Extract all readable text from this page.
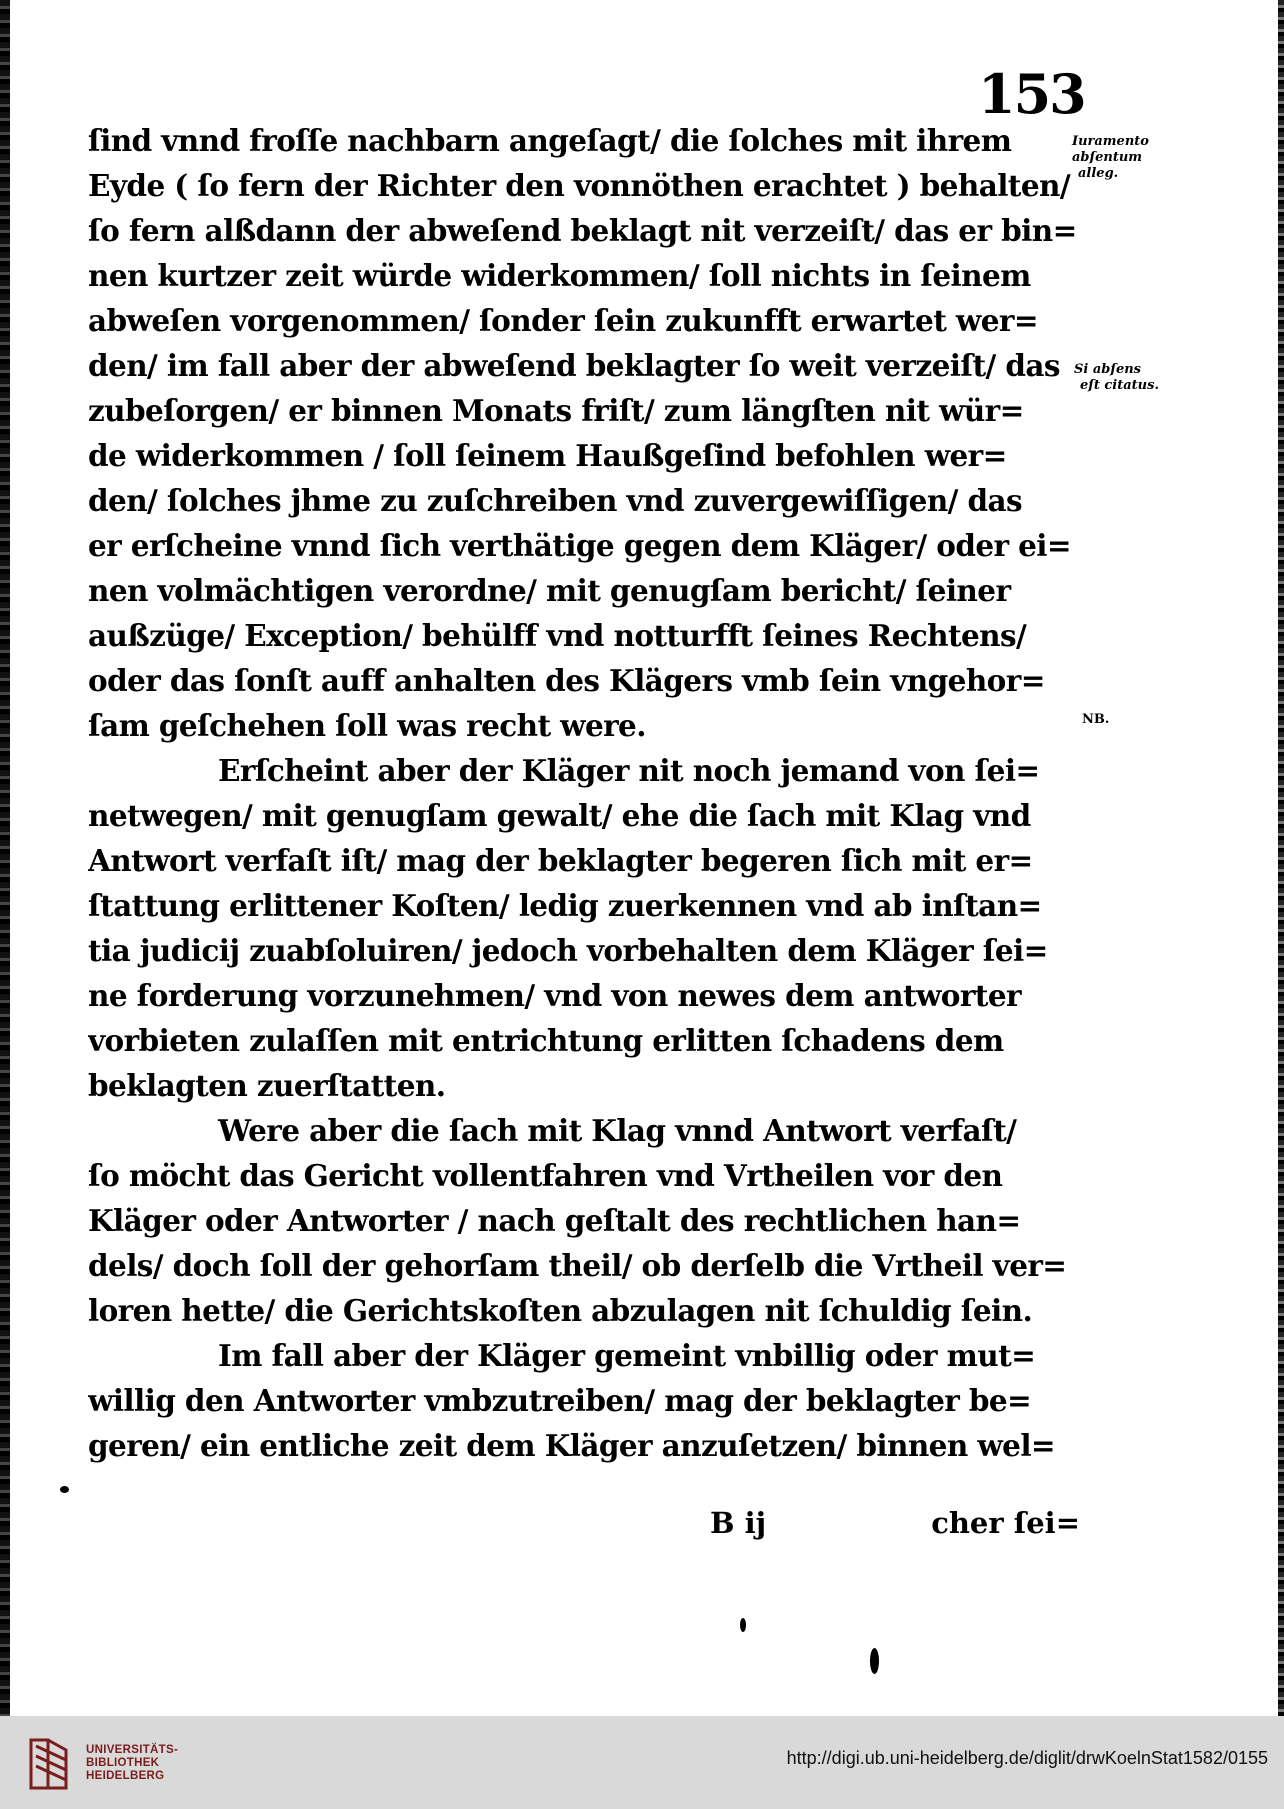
153
ſind vnnd froſſe nachbarn angeſagt/ die ſolches mit ihrem
Eyde ( ſo fern der Richter den vonnöthen erachtet ) behalten/
ſo fern alßdann der abweſend beklagt nit verzeiſt/ das er bin=
nen kurtzer zeit würde widerkommen/ ſoll nichts in ſeinem
abweſen vorgenommen/ ſonder ſein zukunfft erwartet wer=
den/ im fall aber der abweſend beklagter ſo weit verzeiſt/ das
zubeſorgen/ er binnen Monats friſt/ zum längſten nit wür=
de widerkommen / ſoll ſeinem Haußgeſind befohlen wer=
den/ ſolches jhme zu zuſchreiben vnd zuvergewiſſigen/ das
er erſcheine vnnd ſich verthätige gegen dem Kläger/ oder ei=
nen volmächtigen verordne/ mit genugſam bericht/ ſeiner
außzüge/ Exception/ behülff vnd notturfft ſeines Rechtens/
oder das ſonſt auff anhalten des Klägers vmb ſein vngehor=
ſam geſchehen ſoll was recht were.
Erſcheint aber der Kläger nit noch jemand von ſei=
netwegen/ mit genugſam gewalt/ ehe die ſach mit Klag vnd
Antwort verfaſt iſt/ mag der beklagter begeren ſich mit er=
ſtattung erlittener Koſten/ ledig zuerkennen vnd ab inſtan=
tia judicij zuabſoluiren/ jedoch vorbehalten dem Kläger ſei=
ne forderung vorzunehmen/ vnd von newes dem antworter
vorbieten zulaſſen mit entrichtung erlitten ſchadens dem
beklagten zuerſtatten.
Were aber die ſach mit Klag vnnd Antwort verfaſt/
ſo möcht das Gericht vollentfahren vnd Vrtheilen vor den
Kläger oder Antworter / nach geſtalt des rechtlichen han=
dels/ doch ſoll der gehorſam theil/ ob derſelb die Vrtheil ver=
loren hette/ die Gerichtskoſten abzulagen nit ſchuldig ſein.
Im fall aber der Kläger gemeint vnbillig oder mut=
willig den Antworter vmbzutreiben/ mag der beklagter be=
geren/ ein entliche zeit dem Kläger anzuſetzen/ binnen wel=
Iuramento
abſentum
alleg.
Si abſens
eſt citatus.
NB.
B ij	cher ſei=
UNIVERSITÄTS-
BIBLIOTHEK
HEIDELBERG
http://digi.ub.uni-heidelberg.de/diglit/drwKoelnStat1582/0155
